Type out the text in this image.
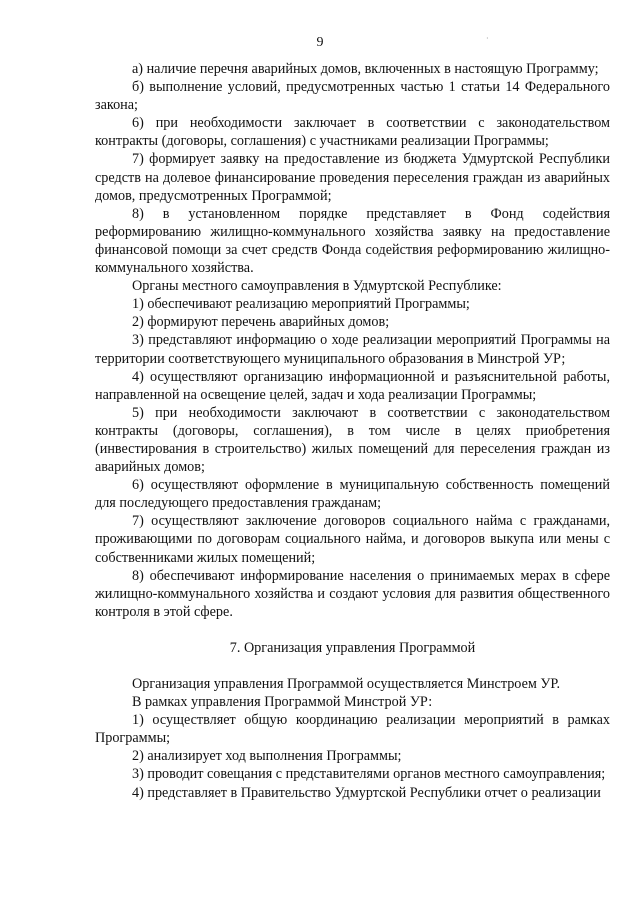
9	·

а) наличие перечня аварийных домов, включенных в настоящую Программу;

б) выполнение условий, предусмотренных частью 1 статьи 14 Федерального закона;

6) при необходимости заключает в соответствии с законодательством контракты (договоры, соглашения) с участниками реализации Программы;

7) формирует заявку на предоставление из бюджета Удмуртской Республики средств на долевое финансирование проведения переселения граждан из аварийных домов, предусмотренных Программой;

8) в установленном порядке представляет в Фонд содействия реформированию жилищно-коммунального хозяйства заявку на предоставление финансовой помощи за счет средств Фонда содействия реформированию жилищно-коммунального хозяйства.

Органы местного самоуправления в Удмуртской Республике:

1) обеспечивают реализацию мероприятий Программы;

2) формируют перечень аварийных домов;

3) представляют информацию о ходе реализации мероприятий Программы на территории соответствующего муниципального образования в Минстрой УР;

4) осуществляют организацию информационной и разъяснительной работы, направленной на освещение целей, задач и хода реализации Программы;

5) при необходимости заключают в соответствии с законодательством контракты (договоры, соглашения), в том числе в целях приобретения (инвестирования в строительство) жилых помещений для переселения граждан из аварийных домов;

6) осуществляют оформление в муниципальную собственность помещений для последующего предоставления гражданам;

7) осуществляют заключение договоров социального найма с гражданами, проживающими по договорам социального найма, и договоров выкупа или мены с собственниками жилых помещений;

8) обеспечивают информирование населения о принимаемых мерах в сфере жилищно-коммунального хозяйства и создают условия для развития общественного контроля в этой сфере.

7. Организация управления Программой

Организация управления Программой осуществляется Минстроем УР.

В рамках управления Программой Минстрой УР:

1) осуществляет общую координацию реализации мероприятий в рамках Программы;

2) анализирует ход выполнения Программы;

3) проводит совещания с представителями органов местного самоуправления;

4) представляет в Правительство Удмуртской Республики отчет о реализации
